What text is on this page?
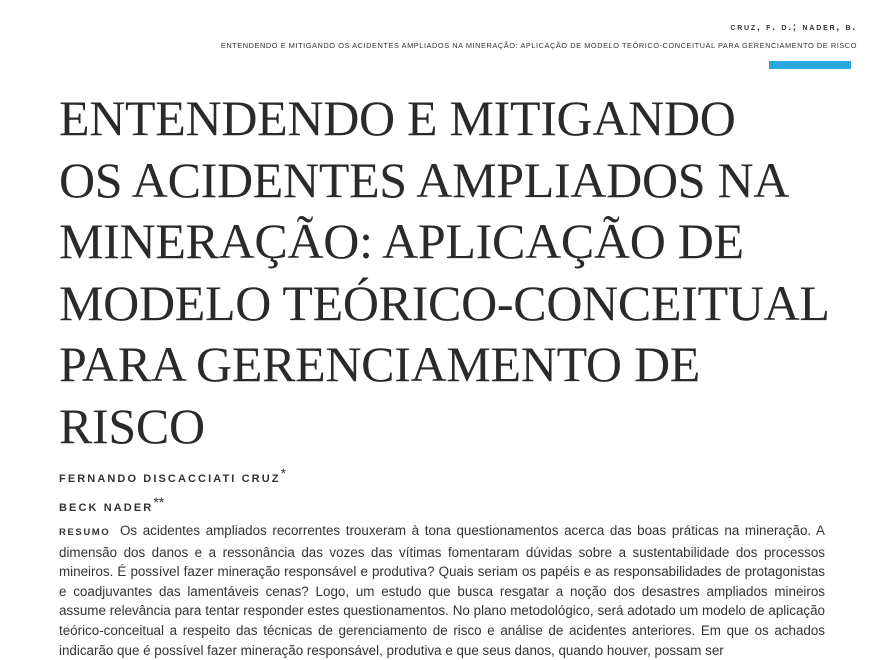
cruz, f. d.; nader, b.
ENTENDENDO E MITIGANDO OS ACIDENTES AMPLIADOS NA MINERAÇÃO: APLICAÇÃO DE MODELO TEÓRICO-CONCEITUAL PARA GERENCIAMENTO DE RISCO
ENTENDENDO E MITIGANDO
OS ACIDENTES AMPLIADOS NA
MINERAÇÃO: APLICAÇÃO DE
MODELO TEÓRICO-CONCEITUAL
PARA GERENCIAMENTO DE
RISCO
FERNANDO DISCACCIATI CRUZ*
BECK NADER**

RESUMO Os acidentes ampliados recorrentes trouxeram à tona questionamentos acerca das boas práticas na mineração. A dimensão dos danos e a ressonância das vozes das vítimas fomentaram dúvidas sobre a sustentabilidade dos processos mineiros. É possível fazer mineração responsável e produtiva? Quais seriam os papéis e as responsabilidades de protagonistas e coadjuvantes das lamentáveis cenas? Logo, um estudo que busca resgatar a noção dos desastres ampliados mineiros assume relevância para tentar responder estes questionamentos. No plano metodológico, será adotado um modelo de aplicação teórico-conceitual a respeito das técnicas de gerenciamento de risco e análise de acidentes anteriores. Em que os achados indicarão que é possível fazer mineração responsável, produtiva e que seus danos, quando houver, possam ser
